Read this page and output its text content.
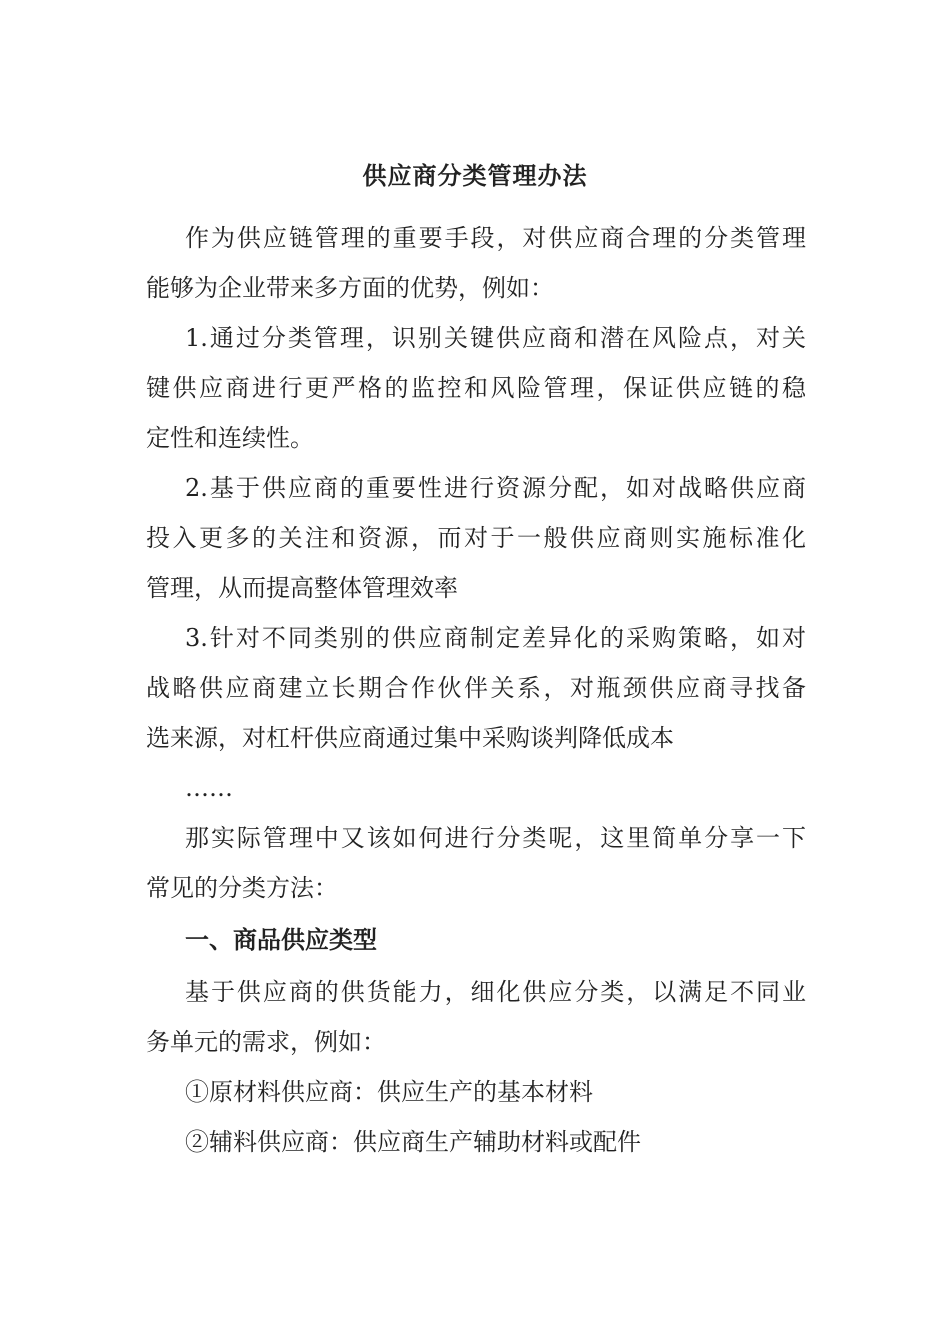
供应商分类管理办法
作为供应链管理的重要手段，对供应商合理的分类管理
能够为企业带来多方面的优势，例如：
1.通过分类管理，识别关键供应商和潜在风险点，对关
键供应商进行更严格的监控和风险管理，保证供应链的稳
定性和连续性。
2.基于供应商的重要性进行资源分配，如对战略供应商
投入更多的关注和资源，而对于一般供应商则实施标准化
管理，从而提高整体管理效率
3.针对不同类别的供应商制定差异化的采购策略，如对
战略供应商建立长期合作伙伴关系，对瓶颈供应商寻找备
选来源，对杠杆供应商通过集中采购谈判降低成本
……
那实际管理中又该如何进行分类呢，这里简单分享一下
常见的分类方法：
一、商品供应类型
基于供应商的供货能力，细化供应分类，以满足不同业
务单元的需求，例如：
①原材料供应商：供应生产的基本材料
②辅料供应商：供应商生产辅助材料或配件
